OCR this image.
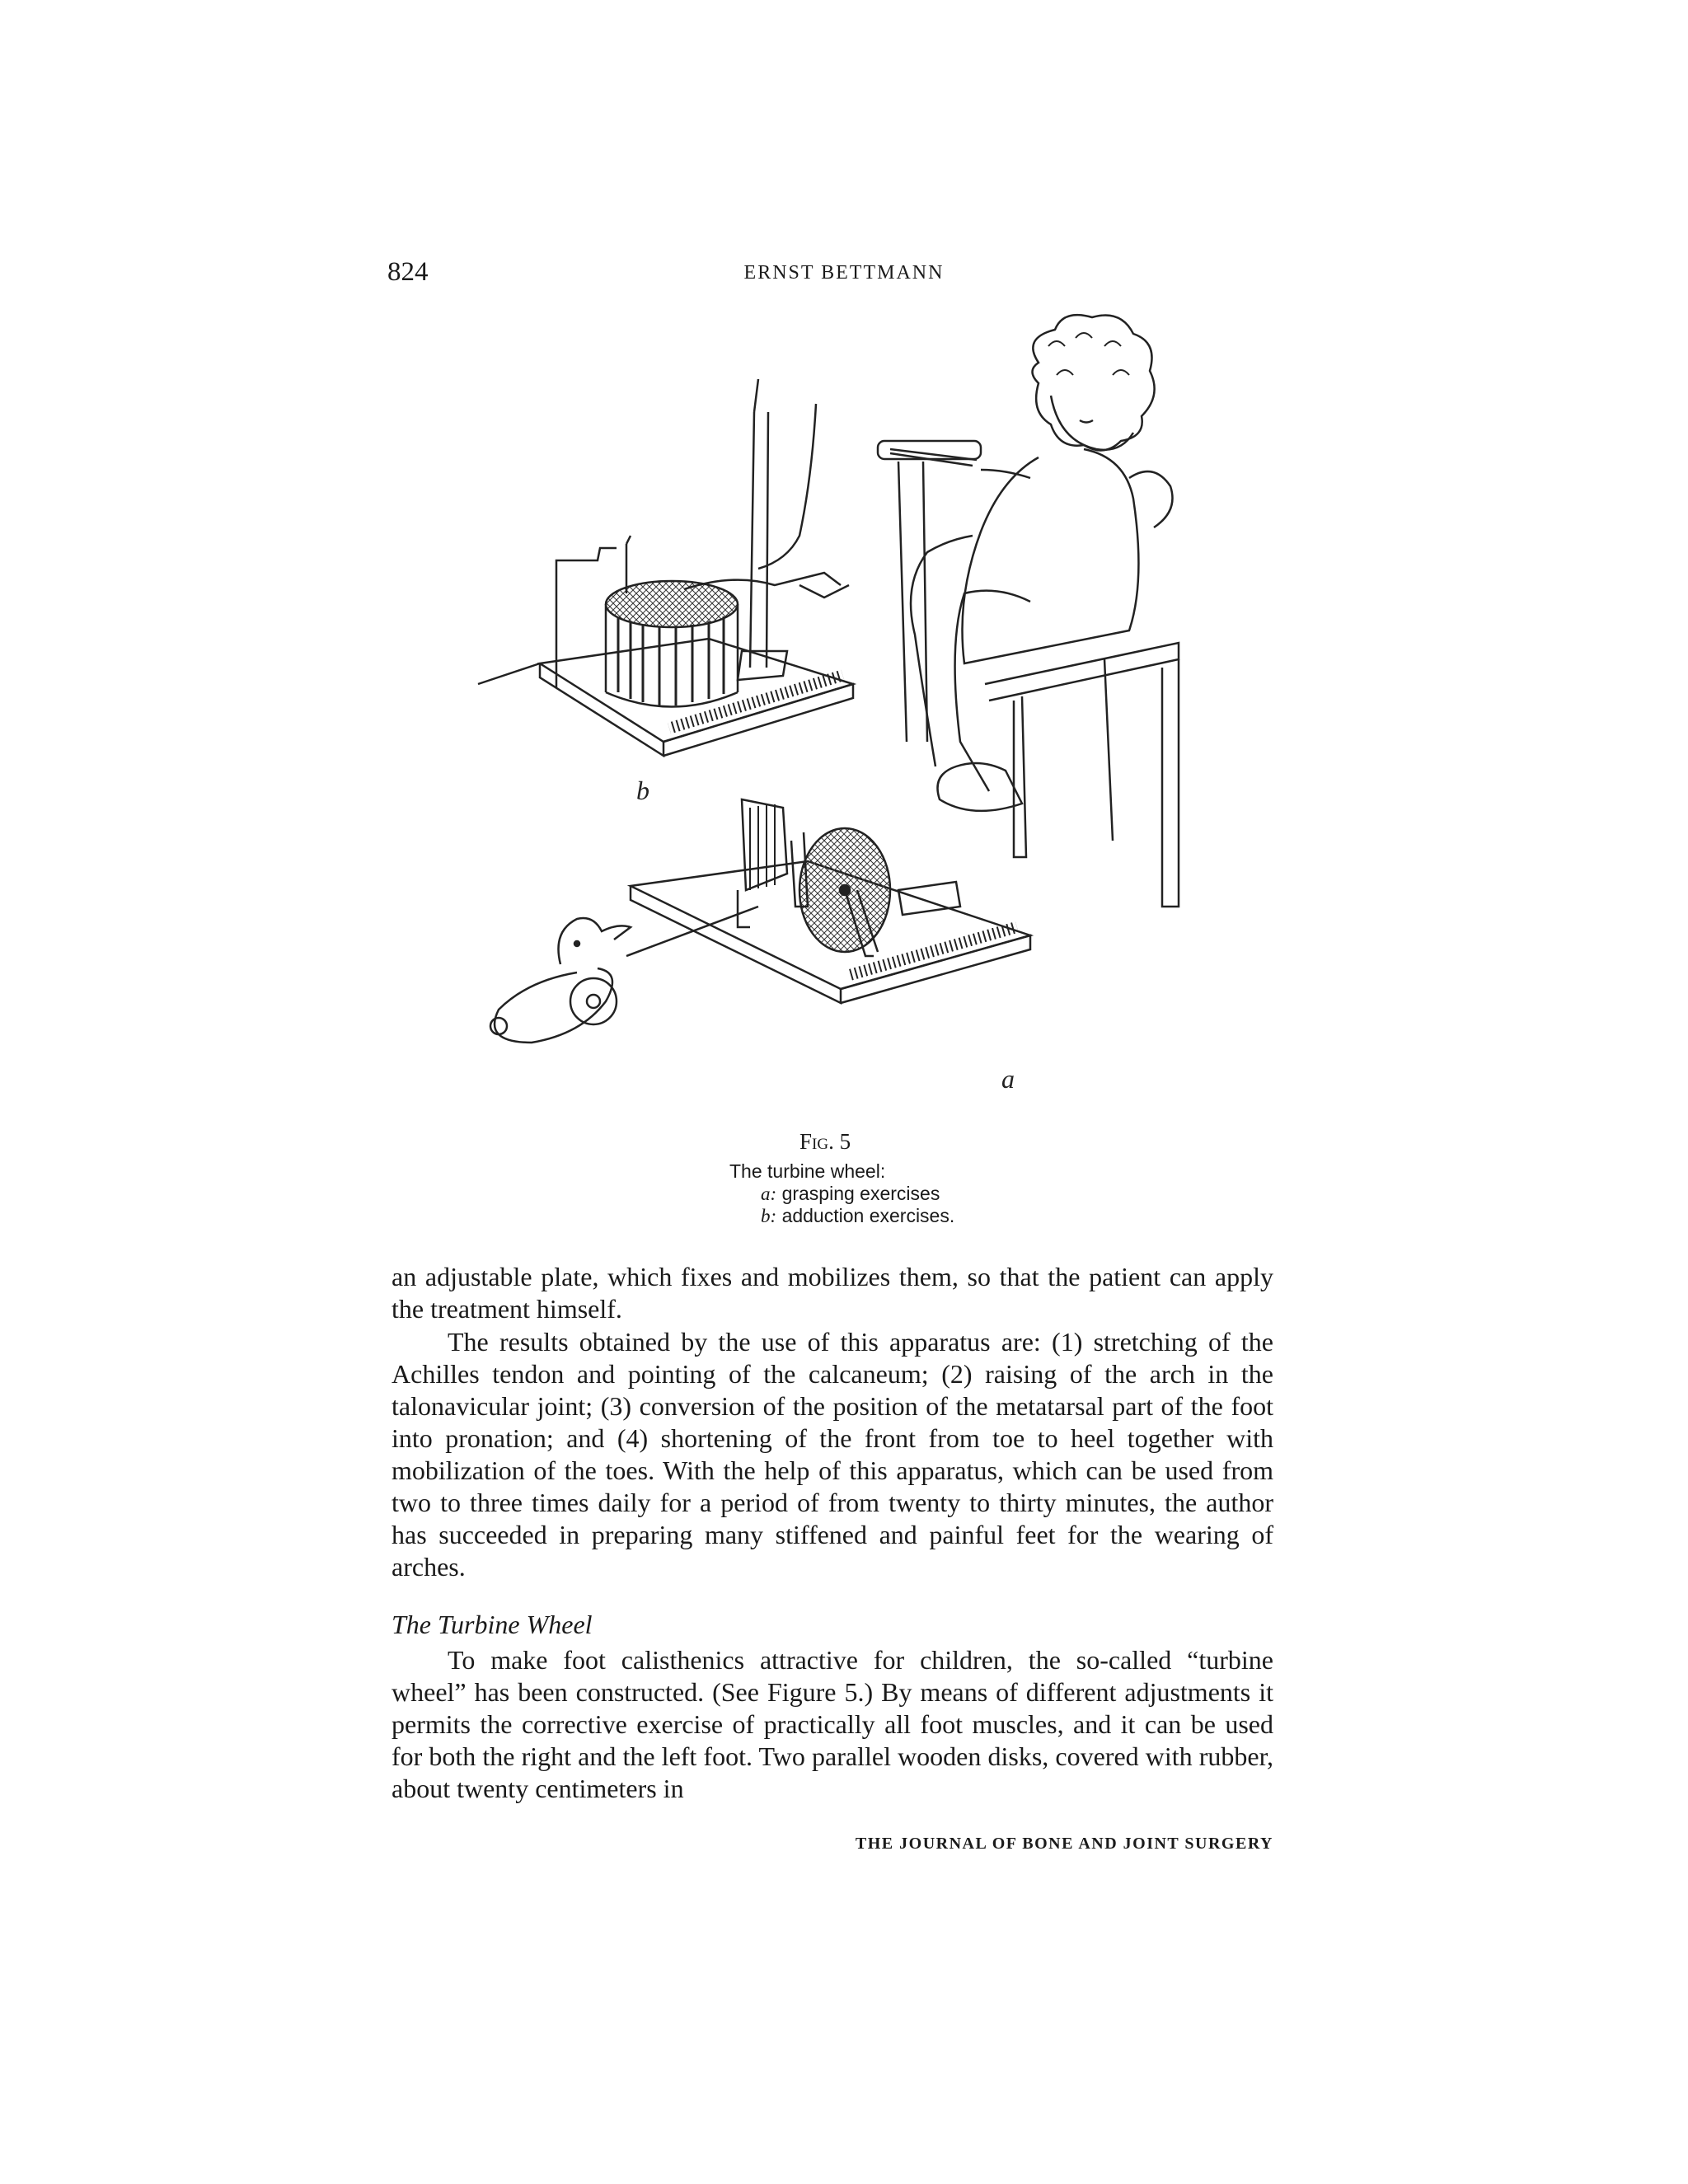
824	ERNST BETTMANN
b
a
Fig. 5
The turbine wheel:
a: grasping exercises
b: adduction exercises.
an adjustable plate, which fixes and mobilizes them, so that the patient can apply the treatment himself.
The results obtained by the use of this apparatus are: (1) stretching of the Achilles tendon and pointing of the calcaneum; (2) raising of the arch in the talonavicular joint; (3) conversion of the position of the metatarsal part of the foot into pronation; and (4) shortening of the front from toe to heel together with mobilization of the toes. With the help of this apparatus, which can be used from two to three times daily for a period of from twenty to thirty minutes, the author has succeeded in preparing many stiffened and painful feet for the wearing of arches.
The Turbine Wheel
To make foot calisthenics attractive for children, the so-called “turbine wheel” has been constructed. (See Figure 5.) By means of different adjustments it permits the corrective exercise of practically all foot muscles, and it can be used for both the right and the left foot. Two parallel wooden disks, covered with rubber, about twenty centimeters in
THE JOURNAL OF BONE AND JOINT SURGERY
